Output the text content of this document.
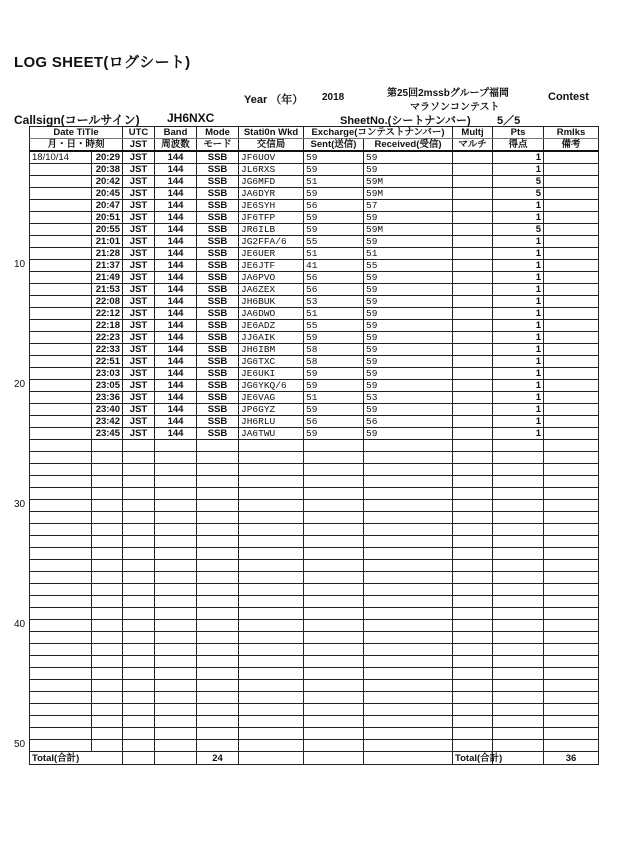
LOG SHEET(ログシート)
Year （年） 2018	第25回2mssbグループ福岡
マラソンコンテスト
Contest
Callsign(コールサイン) JH6NXC	SheetNo.(シートナンバー) 5／5
Date TiTle		UTC	Band	Mode	Stati0n Wkd	Excharge(コンテストナンバー)		Multj	Pts	Rmlks
月・日・時刻		JST	周波数	モード	交信局	Sent(送信)	Received(受信)	マルチ	得点	備考
18/10/14	20:29	JST	144	SSB	JF6UOV	59	59		1	
	20:38	JST	144	SSB	JL6RXS	59	59		1	
	20:42	JST	144	SSB	JG6MFD	51	59M		5	
	20:45	JST	144	SSB	JA6DYR	59	59M		5	
	20:47	JST	144	SSB	JE6SYH	56	57		1	
	20:51	JST	144	SSB	JF6TFP	59	59		1	
	20:55	JST	144	SSB	JR6ILB	59	59M		5	
	21:01	JST	144	SSB	JG2FFA/6	55	59		1	
	21:28	JST	144	SSB	JE6UER	51	51		1	
	21:37	JST	144	SSB	JE6JTF	41	55		1	
	21:49	JST	144	SSB	JA6PVO	56	59		1	
	21:53	JST	144	SSB	JA6ZEX	56	59		1	
	22:08	JST	144	SSB	JH6BUK	53	59		1	
	22:12	JST	144	SSB	JA6DWO	51	59		1	
	22:18	JST	144	SSB	JE6ADZ	55	59		1	
	22:23	JST	144	SSB	JJ6AIK	59	59		1	
	22:33	JST	144	SSB	JH6IBM	58	59		1	
	22:51	JST	144	SSB	JG6TXC	58	59		1	
	23:03	JST	144	SSB	JE6UKI	59	59		1	
	23:05	JST	144	SSB	JG6YKQ/6	59	59		1	
	23:36	JST	144	SSB	JE6VAG	51	53		1	
	23:40	JST	144	SSB	JP6GYZ	59	59		1	
	23:42	JST	144	SSB	JH6RLU	56	56		1	
	23:45	JST	144	SSB	JA6TWU	59	59		1	

Total(合計)				24				Total(合計)		36
10
20
30
40
50
